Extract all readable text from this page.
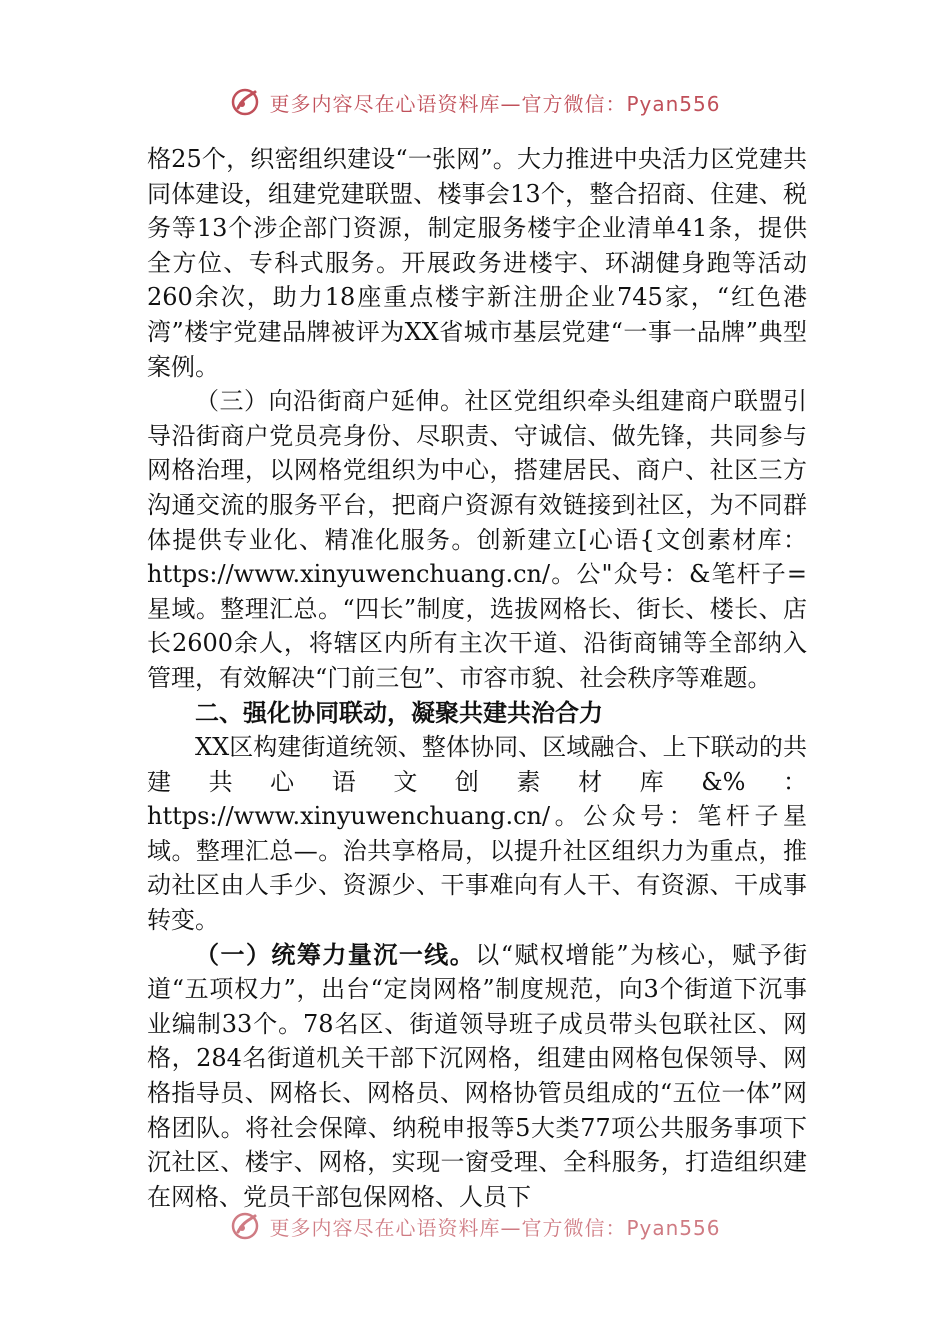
更多内容尽在心语资料库—官方微信：Pyan556

格25个，织密组织建设“一张网”。大力推进中央活力区党建共同体建设，组建党建联盟、楼事会13个，整合招商、住建、税务等13个涉企部门资源，制定服务楼宇企业清单41条，提供全方位、专科式服务。开展政务进楼宇、环湖健身跑等活动260余次，助力18座重点楼宇新注册企业745家，“红色港湾”楼宇党建品牌被评为XX省城市基层党建“一事一品牌”典型案例。

（三）向沿街商户延伸。社区党组织牵头组建商户联盟引导沿街商户党员亮身份、尽职责、守诚信、做先锋，共同参与网格治理，以网格党组织为中心，搭建居民、商户、社区三方沟通交流的服务平台，把商户资源有效链接到社区，为不同群体提供专业化、精准化服务。创新建立[心语{文创素材库：https://www.xinyuwenchuang.cn/。公"众号：&笔杆子=星域。整理汇总。“四长”制度，选拔网格长、街长、楼长、店长2600余人，将辖区内所有主次干道、沿街商铺等全部纳入管理，有效解决“门前三包”、市容市貌、社会秩序等难题。

二、强化协同联动，凝聚共建共治合力

XX区构建街道统领、整体协同、区域融合、上下联动的共建共心语文创素材库&%：https://www.xinyuwenchuang.cn/。公众号：笔杆子星域。整理汇总—。治共享格局，以提升社区组织力为重点，推动社区由人手少、资源少、干事难向有人干、有资源、干成事转变。

（一）统筹力量沉一线。以“赋权增能”为核心，赋予街道“五项权力”，出台“定岗网格”制度规范，向3个街道下沉事业编制33个。78名区、街道领导班子成员带头包联社区、网格，284名街道机关干部下沉网格，组建由网格包保领导、网格指导员、网格长、网格员、网格协管员组成的“五位一体”网格团队。将社会保障、纳税申报等5大类77项公共服务事项下沉社区、楼宇、网格，实现一窗受理、全科服务，打造组织建在网格、党员干部包保网格、人员下

更多内容尽在心语资料库—官方微信：Pyan556
